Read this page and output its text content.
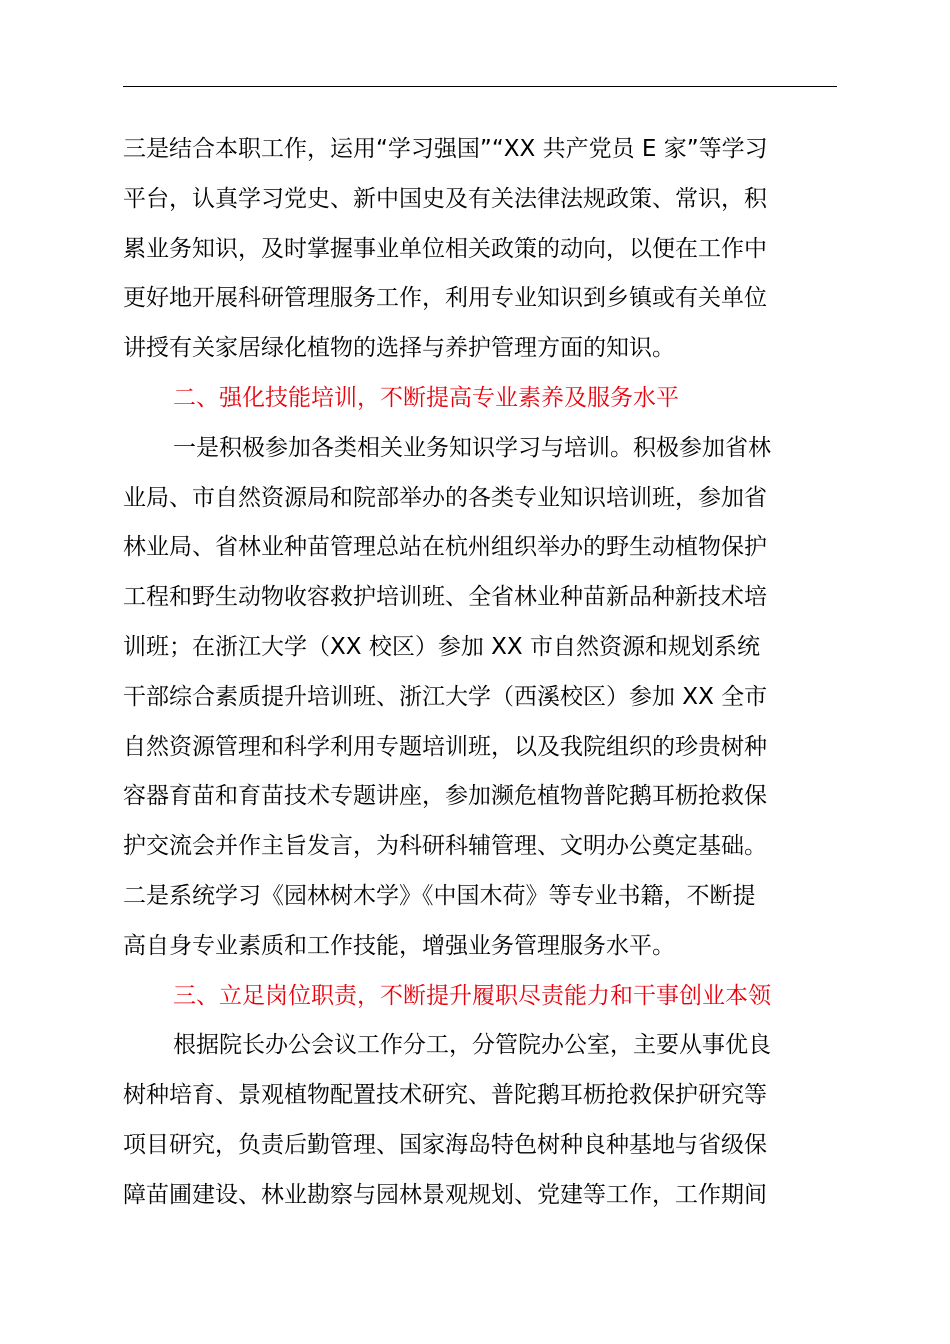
三是结合本职工作，运用“学习强国”“XX 共产党员 E 家”等学习
平台，认真学习党史、新中国史及有关法律法规政策、常识，积
累业务知识，及时掌握事业单位相关政策的动向，以便在工作中
更好地开展科研管理服务工作，利用专业知识到乡镇或有关单位
讲授有关家居绿化植物的选择与养护管理方面的知识。
二、强化技能培训，不断提高专业素养及服务水平
一是积极参加各类相关业务知识学习与培训。积极参加省林
业局、市自然资源局和院部举办的各类专业知识培训班，参加省
林业局、省林业种苗管理总站在杭州组织举办的野生动植物保护
工程和野生动物收容救护培训班、全省林业种苗新品种新技术培
训班；在浙江大学（XX 校区）参加 XX 市自然资源和规划系统
干部综合素质提升培训班、浙江大学（西溪校区）参加 XX 全市
自然资源管理和科学利用专题培训班，以及我院组织的珍贵树种
容器育苗和育苗技术专题讲座，参加濒危植物普陀鹅耳枥抢救保
护交流会并作主旨发言，为科研科辅管理、文明办公奠定基础。
二是系统学习《园林树木学》《中国木荷》等专业书籍，不断提
高自身专业素质和工作技能，增强业务管理服务水平。
三、立足岗位职责，不断提升履职尽责能力和干事创业本领
根据院长办公会议工作分工，分管院办公室，主要从事优良
树种培育、景观植物配置技术研究、普陀鹅耳枥抢救保护研究等
项目研究，负责后勤管理、国家海岛特色树种良种基地与省级保
障苗圃建设、林业勘察与园林景观规划、党建等工作，工作期间
